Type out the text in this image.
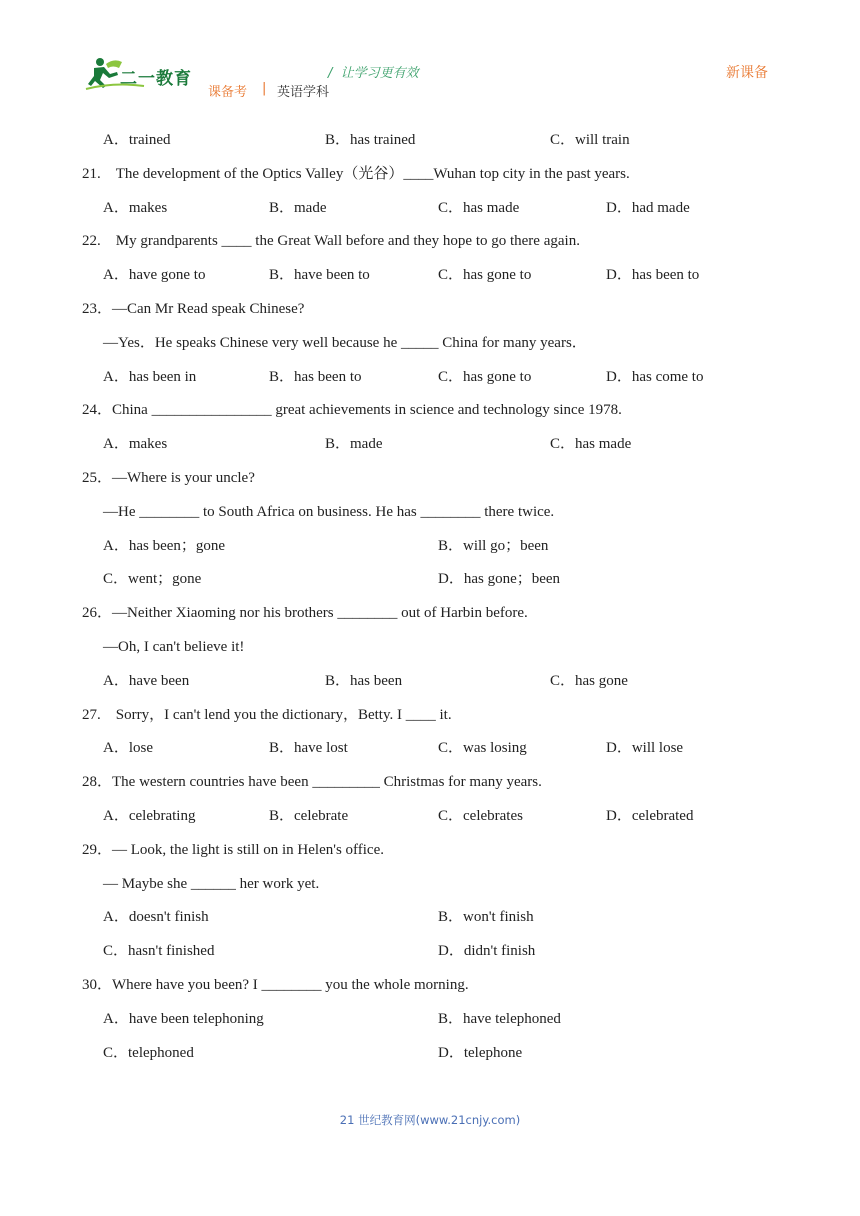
二一教育	/ 让学习更有效	新课备
课备考 | 英语学科
A．trained	B．has trained	C．will train
21.　The development of the Optics Valley（光谷）____Wuhan top city in the past years.
A．makes	B．made	C．has made	D．had made
22.　My grandparents ____ the Great Wall before and they hope to go there again.
A．have gone to	B．have been to	C．has gone to	D．has been to
23．—Can Mr Read speak Chinese?
—Yes．He speaks Chinese very well because he _____ China for many years．
A．has been in	B．has been to	C．has gone to	D．has come to
24．China ________________ great achievements in science and technology since 1978.
A．makes	B．made	C．has made
25．—Where is your uncle?
—He ________ to South Africa on business. He has ________ there twice.
A．has been；gone	B．will go；been
C．went；gone	D．has gone；been
26．—Neither Xiaoming nor his brothers ________ out of Harbin before.
—Oh, I can't believe it!
A．have been	B．has been	C．has gone
27.　Sorry，I can't lend you the dictionary，Betty. I ____ it.
A．lose	B．have lost	C．was losing	D．will lose
28．The western countries have been _________ Christmas for many years.
A．celebrating	B．celebrate	C．celebrates	D．celebrated
29．— Look, the light is still on in Helen's office.
— Maybe she ______ her work yet.
A．doesn't finish	B．won't finish
C．hasn't finished	D．didn't finish
30．Where have you been? I ________ you the whole morning.
A．have been telephoning	B．have telephoned
C．telephoned	D．telephone
21 世纪教育网(www.21cnjy.com)
